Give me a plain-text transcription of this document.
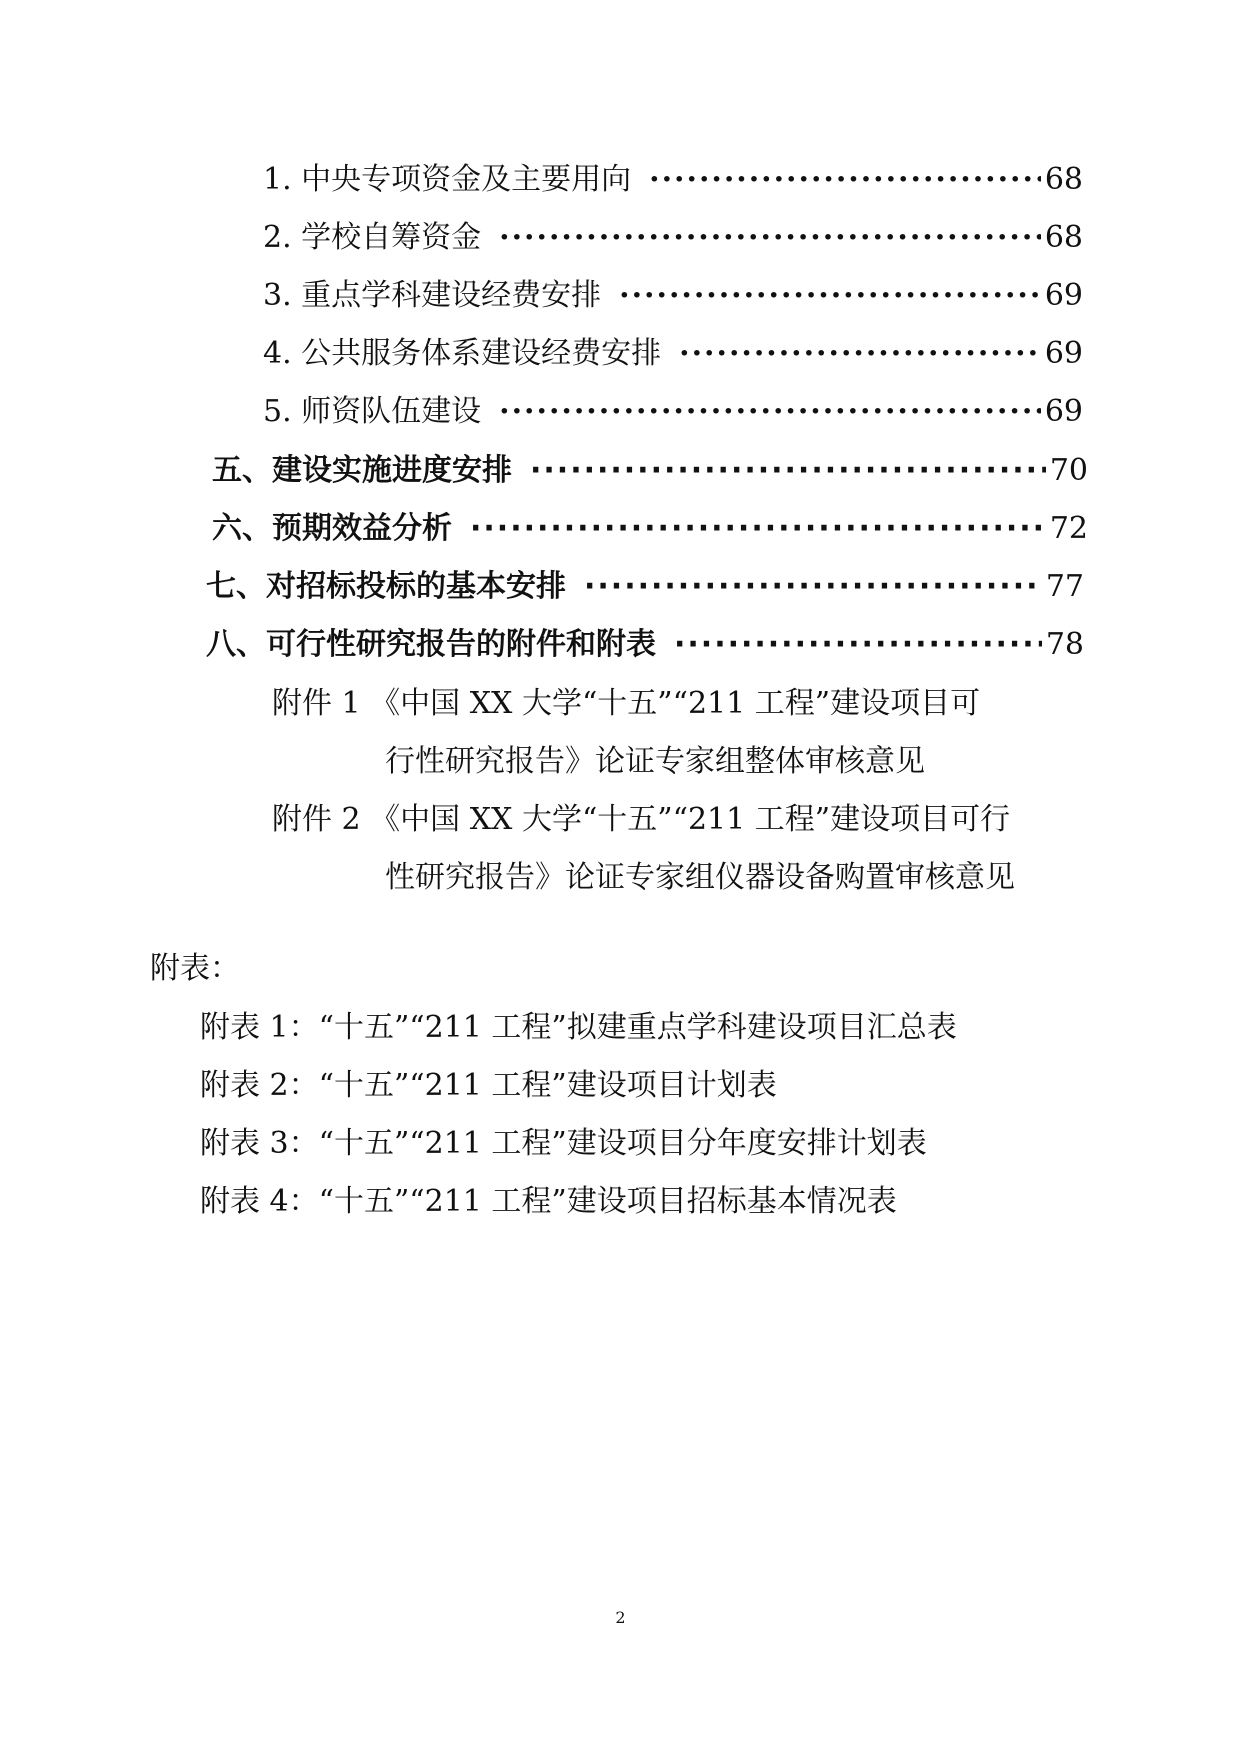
1. 中央专项资金及主要用向 ·····	68
2. 学校自筹资金 ·····	68
3. 重点学科建设经费安排 ·····	69
4. 公共服务体系建设经费安排 ·····	69
5. 师资队伍建设 ·····	69
五、建设实施进度安排 ·····	70
六、预期效益分析 ·····	72
七、对招标投标的基本安排 ·····	77
八、可行性研究报告的附件和附表 ·····	78
附件 1 《中国 XX 大学“十五”“211 工程”建设项目可
行性研究报告》论证专家组整体审核意见
附件 2 《中国 XX 大学“十五”“211 工程”建设项目可行
性研究报告》论证专家组仪器设备购置审核意见
附表：
附表 1：“十五”“211 工程”拟建重点学科建设项目汇总表
附表 2：“十五”“211 工程”建设项目计划表
附表 3：“十五”“211 工程”建设项目分年度安排计划表
附表 4：“十五”“211 工程”建设项目招标基本情况表
2
